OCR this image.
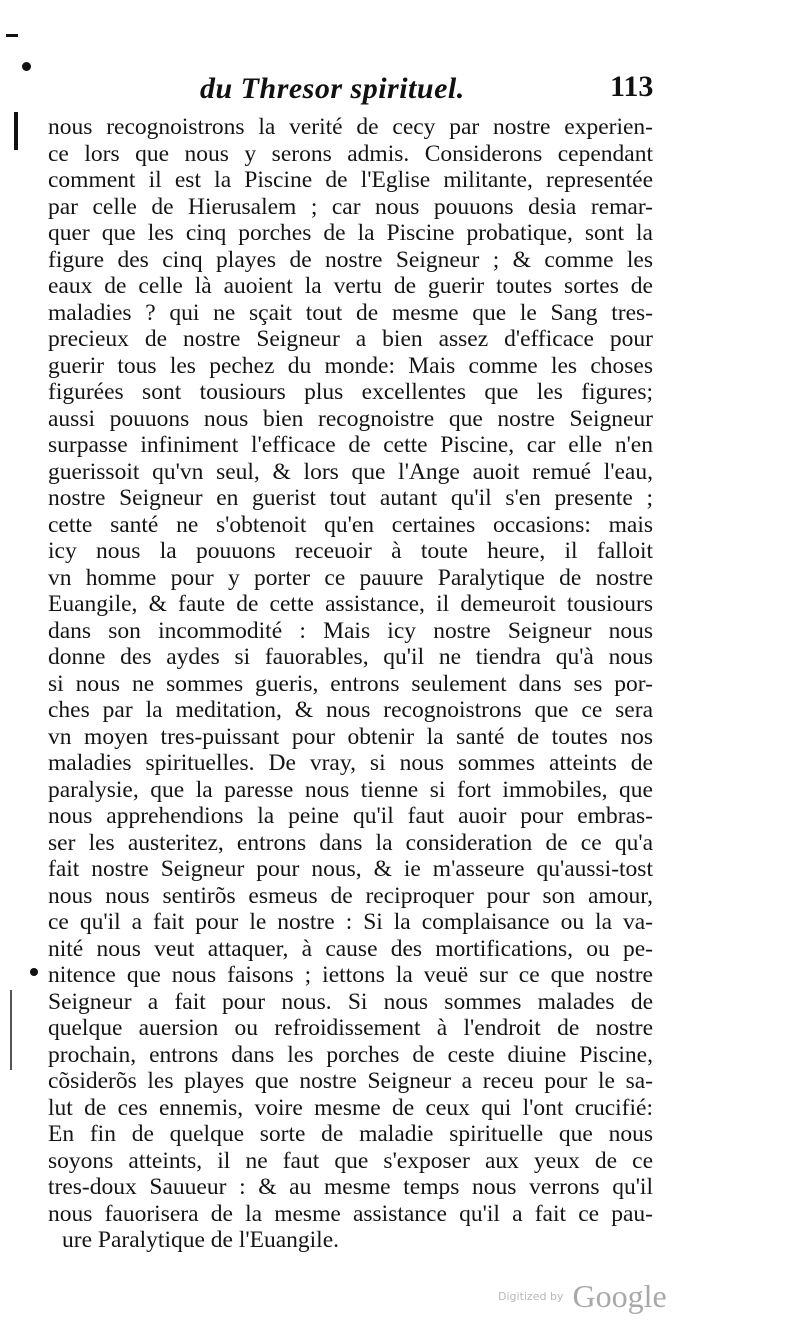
du Thresor spirituel.	113
nous recognoistrons la verité de cecy par nostre experien-
ce lors que nous y serons admis. Considerons cependant
comment il est la Piscine de l'Eglise militante, representée
par celle de Hierusalem ; car nous pouuons desia remar-
quer que les cinq porches de la Piscine probatique, sont la
figure des cinq playes de nostre Seigneur ; & comme les
eaux de celle là auoient la vertu de guerir toutes sortes de
maladies ? qui ne sçait tout de mesme que le Sang tres-
precieux de nostre Seigneur a bien assez d'efficace pour
guerir tous les pechez du monde: Mais comme les choses
figurées sont tousiours plus excellentes que les figures;
aussi pouuons nous bien recognoistre que nostre Seigneur
surpasse infiniment l'efficace de cette Piscine, car elle n'en
guerissoit qu'vn seul, & lors que l'Ange auoit remué l'eau,
nostre Seigneur en guerist tout autant qu'il s'en presente ;
cette santé ne s'obtenoit qu'en certaines occasions: mais
icy nous la pouuons receuoir à toute heure, il falloit
vn homme pour y porter ce pauure Paralytique de nostre
Euangile, & faute de cette assistance, il demeuroit tousiours
dans son incommodité : Mais icy nostre Seigneur nous
donne des aydes si fauorables, qu'il ne tiendra qu'à nous
si nous ne sommes gueris, entrons seulement dans ses por-
ches par la meditation, & nous recognoistrons que ce sera
vn moyen tres-puissant pour obtenir la santé de toutes nos
maladies spirituelles. De vray, si nous sommes atteints de
paralysie, que la paresse nous tienne si fort immobiles, que
nous apprehendions la peine qu'il faut auoir pour embras-
ser les austeritez, entrons dans la consideration de ce qu'a
fait nostre Seigneur pour nous, & ie m'asseure qu'aussi-tost
nous nous sentirõs esmeus de reciproquer pour son amour,
ce qu'il a fait pour le nostre : Si la complaisance ou la va-
nité nous veut attaquer, à cause des mortifications, ou pe-
nitence que nous faisons ; iettons la veuë sur ce que nostre
Seigneur a fait pour nous. Si nous sommes malades de
quelque auersion ou refroidissement à l'endroit de nostre
prochain, entrons dans les porches de ceste diuine Piscine,
cõsiderõs les playes que nostre Seigneur a receu pour le sa-
lut de ces ennemis, voire mesme de ceux qui l'ont crucifié:
En fin de quelque sorte de maladie spirituelle que nous
soyons atteints, il ne faut que s'exposer aux yeux de ce
tres-doux Sauueur : & au mesme temps nous verrons qu'il
nous fauorisera de la mesme assistance qu'il a fait ce pau-
ure Paralytique de l'Euangile.
Digitized by Google
